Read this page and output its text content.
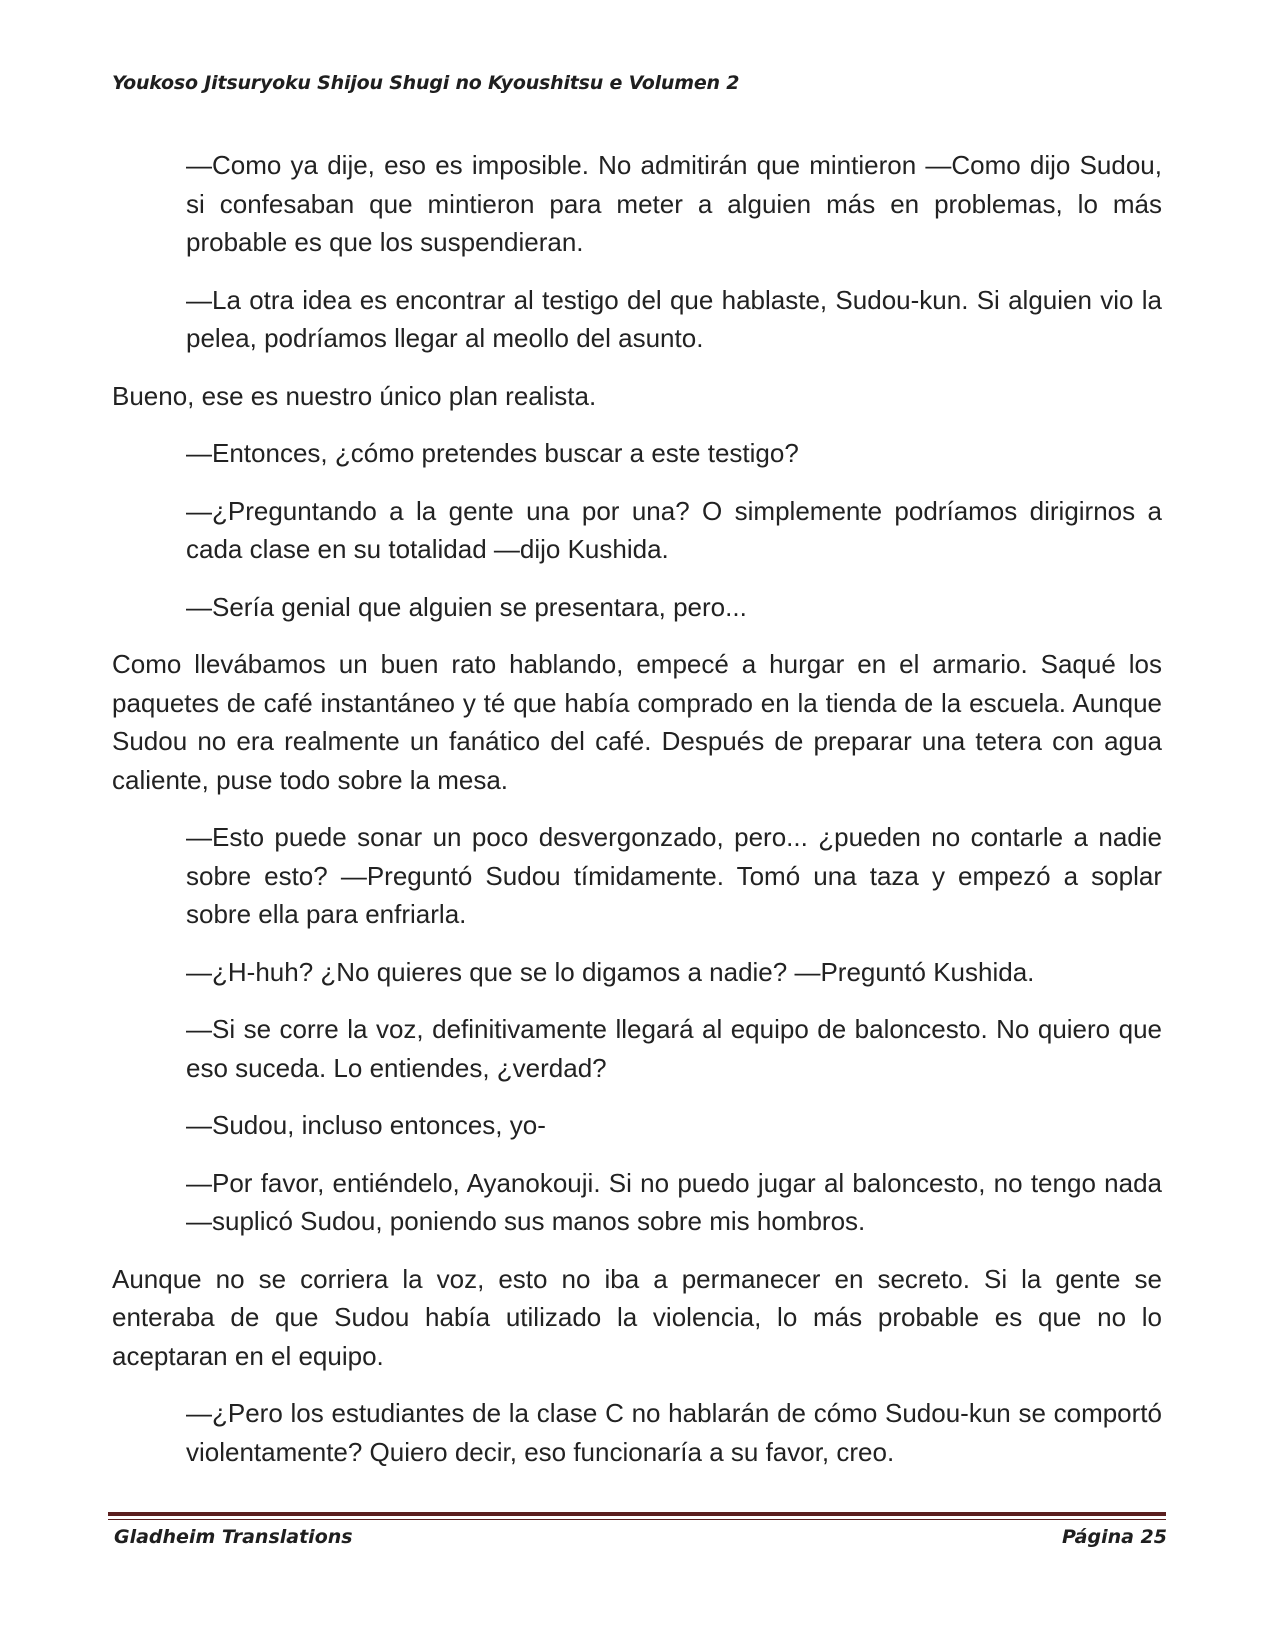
Youkoso Jitsuryoku Shijou Shugi no Kyoushitsu e Volumen 2

—Como ya dije, eso es imposible. No admitirán que mintieron —Como dijo Sudou, si confesaban que mintieron para meter a alguien más en problemas, lo más probable es que los suspendieran.

—La otra idea es encontrar al testigo del que hablaste, Sudou-kun. Si alguien vio la pelea, podríamos llegar al meollo del asunto.

Bueno, ese es nuestro único plan realista.

—Entonces, ¿cómo pretendes buscar a este testigo?

—¿Preguntando a la gente una por una? O simplemente podríamos dirigirnos a cada clase en su totalidad —dijo Kushida.

—Sería genial que alguien se presentara, pero...

Como llevábamos un buen rato hablando, empecé a hurgar en el armario. Saqué los paquetes de café instantáneo y té que había comprado en la tienda de la escuela. Aunque Sudou no era realmente un fanático del café. Después de preparar una tetera con agua caliente, puse todo sobre la mesa.

—Esto puede sonar un poco desvergonzado, pero... ¿pueden no contarle a nadie sobre esto? —Preguntó Sudou tímidamente. Tomó una taza y empezó a soplar sobre ella para enfriarla.

—¿H-huh? ¿No quieres que se lo digamos a nadie? —Preguntó Kushida.

—Si se corre la voz, definitivamente llegará al equipo de baloncesto. No quiero que eso suceda. Lo entiendes, ¿verdad?

—Sudou, incluso entonces, yo-

—Por favor, entiéndelo, Ayanokouji. Si no puedo jugar al baloncesto, no tengo nada —suplicó Sudou, poniendo sus manos sobre mis hombros.

Aunque no se corriera la voz, esto no iba a permanecer en secreto. Si la gente se enteraba de que Sudou había utilizado la violencia, lo más probable es que no lo aceptaran en el equipo.

—¿Pero los estudiantes de la clase C no hablarán de cómo Sudou-kun se comportó violentamente? Quiero decir, eso funcionaría a su favor, creo.

Gladheim Translations	Página 25
